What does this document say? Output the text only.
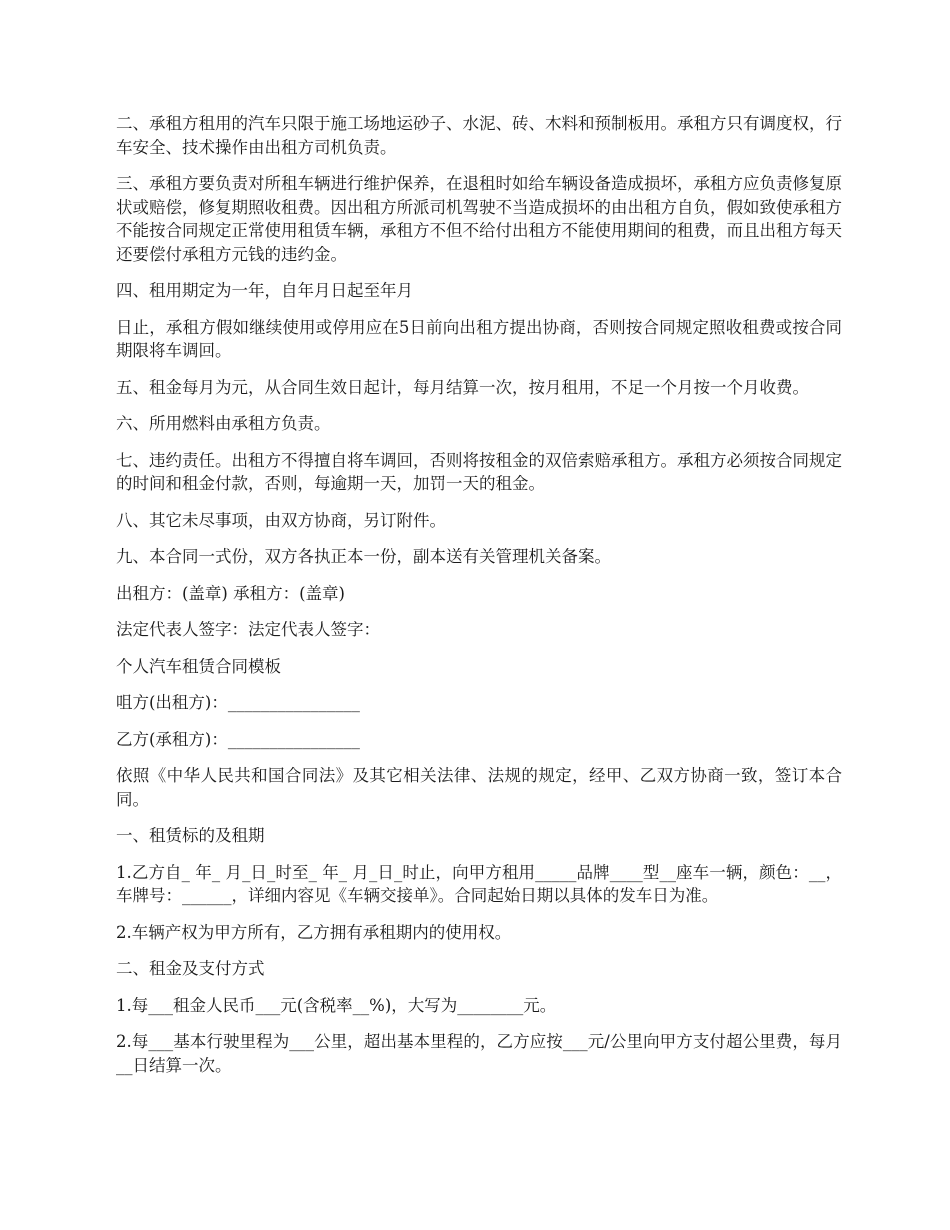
二、承租方租用的汽车只限于施工场地运砂子、水泥、砖、木料和预制板用。承租方只有调度权，行车安全、技术操作由出租方司机负责。

三、承租方要负责对所租车辆进行维护保养，在退租时如给车辆设备造成损坏，承租方应负责修复原状或赔偿，修复期照收租费。因出租方所派司机驾驶不当造成损坏的由出租方自负，假如致使承租方不能按合同规定正常使用租赁车辆，承租方不但不给付出租方不能使用期间的租费，而且出租方每天还要偿付承租方元钱的违约金。

四、租用期定为一年，自年月日起至年月

日止，承租方假如继续使用或停用应在5日前向出租方提出协商，否则按合同规定照收租费或按合同期限将车调回。

五、租金每月为元，从合同生效日起计，每月结算一次，按月租用，不足一个月按一个月收费。

六、所用燃料由承租方负责。

七、违约责任。出租方不得擅自将车调回，否则将按租金的双倍索赔承租方。承租方必须按合同规定的时间和租金付款，否则，每逾期一天，加罚一天的租金。

八、其它未尽事项，由双方协商，另订附件。

九、本合同一式份，双方各执正本一份，副本送有关管理机关备案。

出租方：(盖章) 承租方：(盖章)

法定代表人签字：法定代表人签字：

个人汽车租赁合同模板

咀方(出租方)：________________

乙方(承租方)：________________

依照《中华人民共和国合同法》及其它相关法律、法规的规定，经甲、乙双方协商一致，签订本合同。

一、租赁标的及租期

1.乙方自_ 年_ 月_日_时至_ 年_ 月_日_时止，向甲方租用_____品牌____型__座车一辆，颜色：__，车牌号：______，详细内容见《车辆交接单》。合同起始日期以具体的发车日为准。

2.车辆产权为甲方所有，乙方拥有承租期内的使用权。

二、租金及支付方式

1.每___租金人民币___元(含税率__%)，大写为________元。

2.每___基本行驶里程为___公里，超出基本里程的，乙方应按___元/公里向甲方支付超公里费，每月__日结算一次。
